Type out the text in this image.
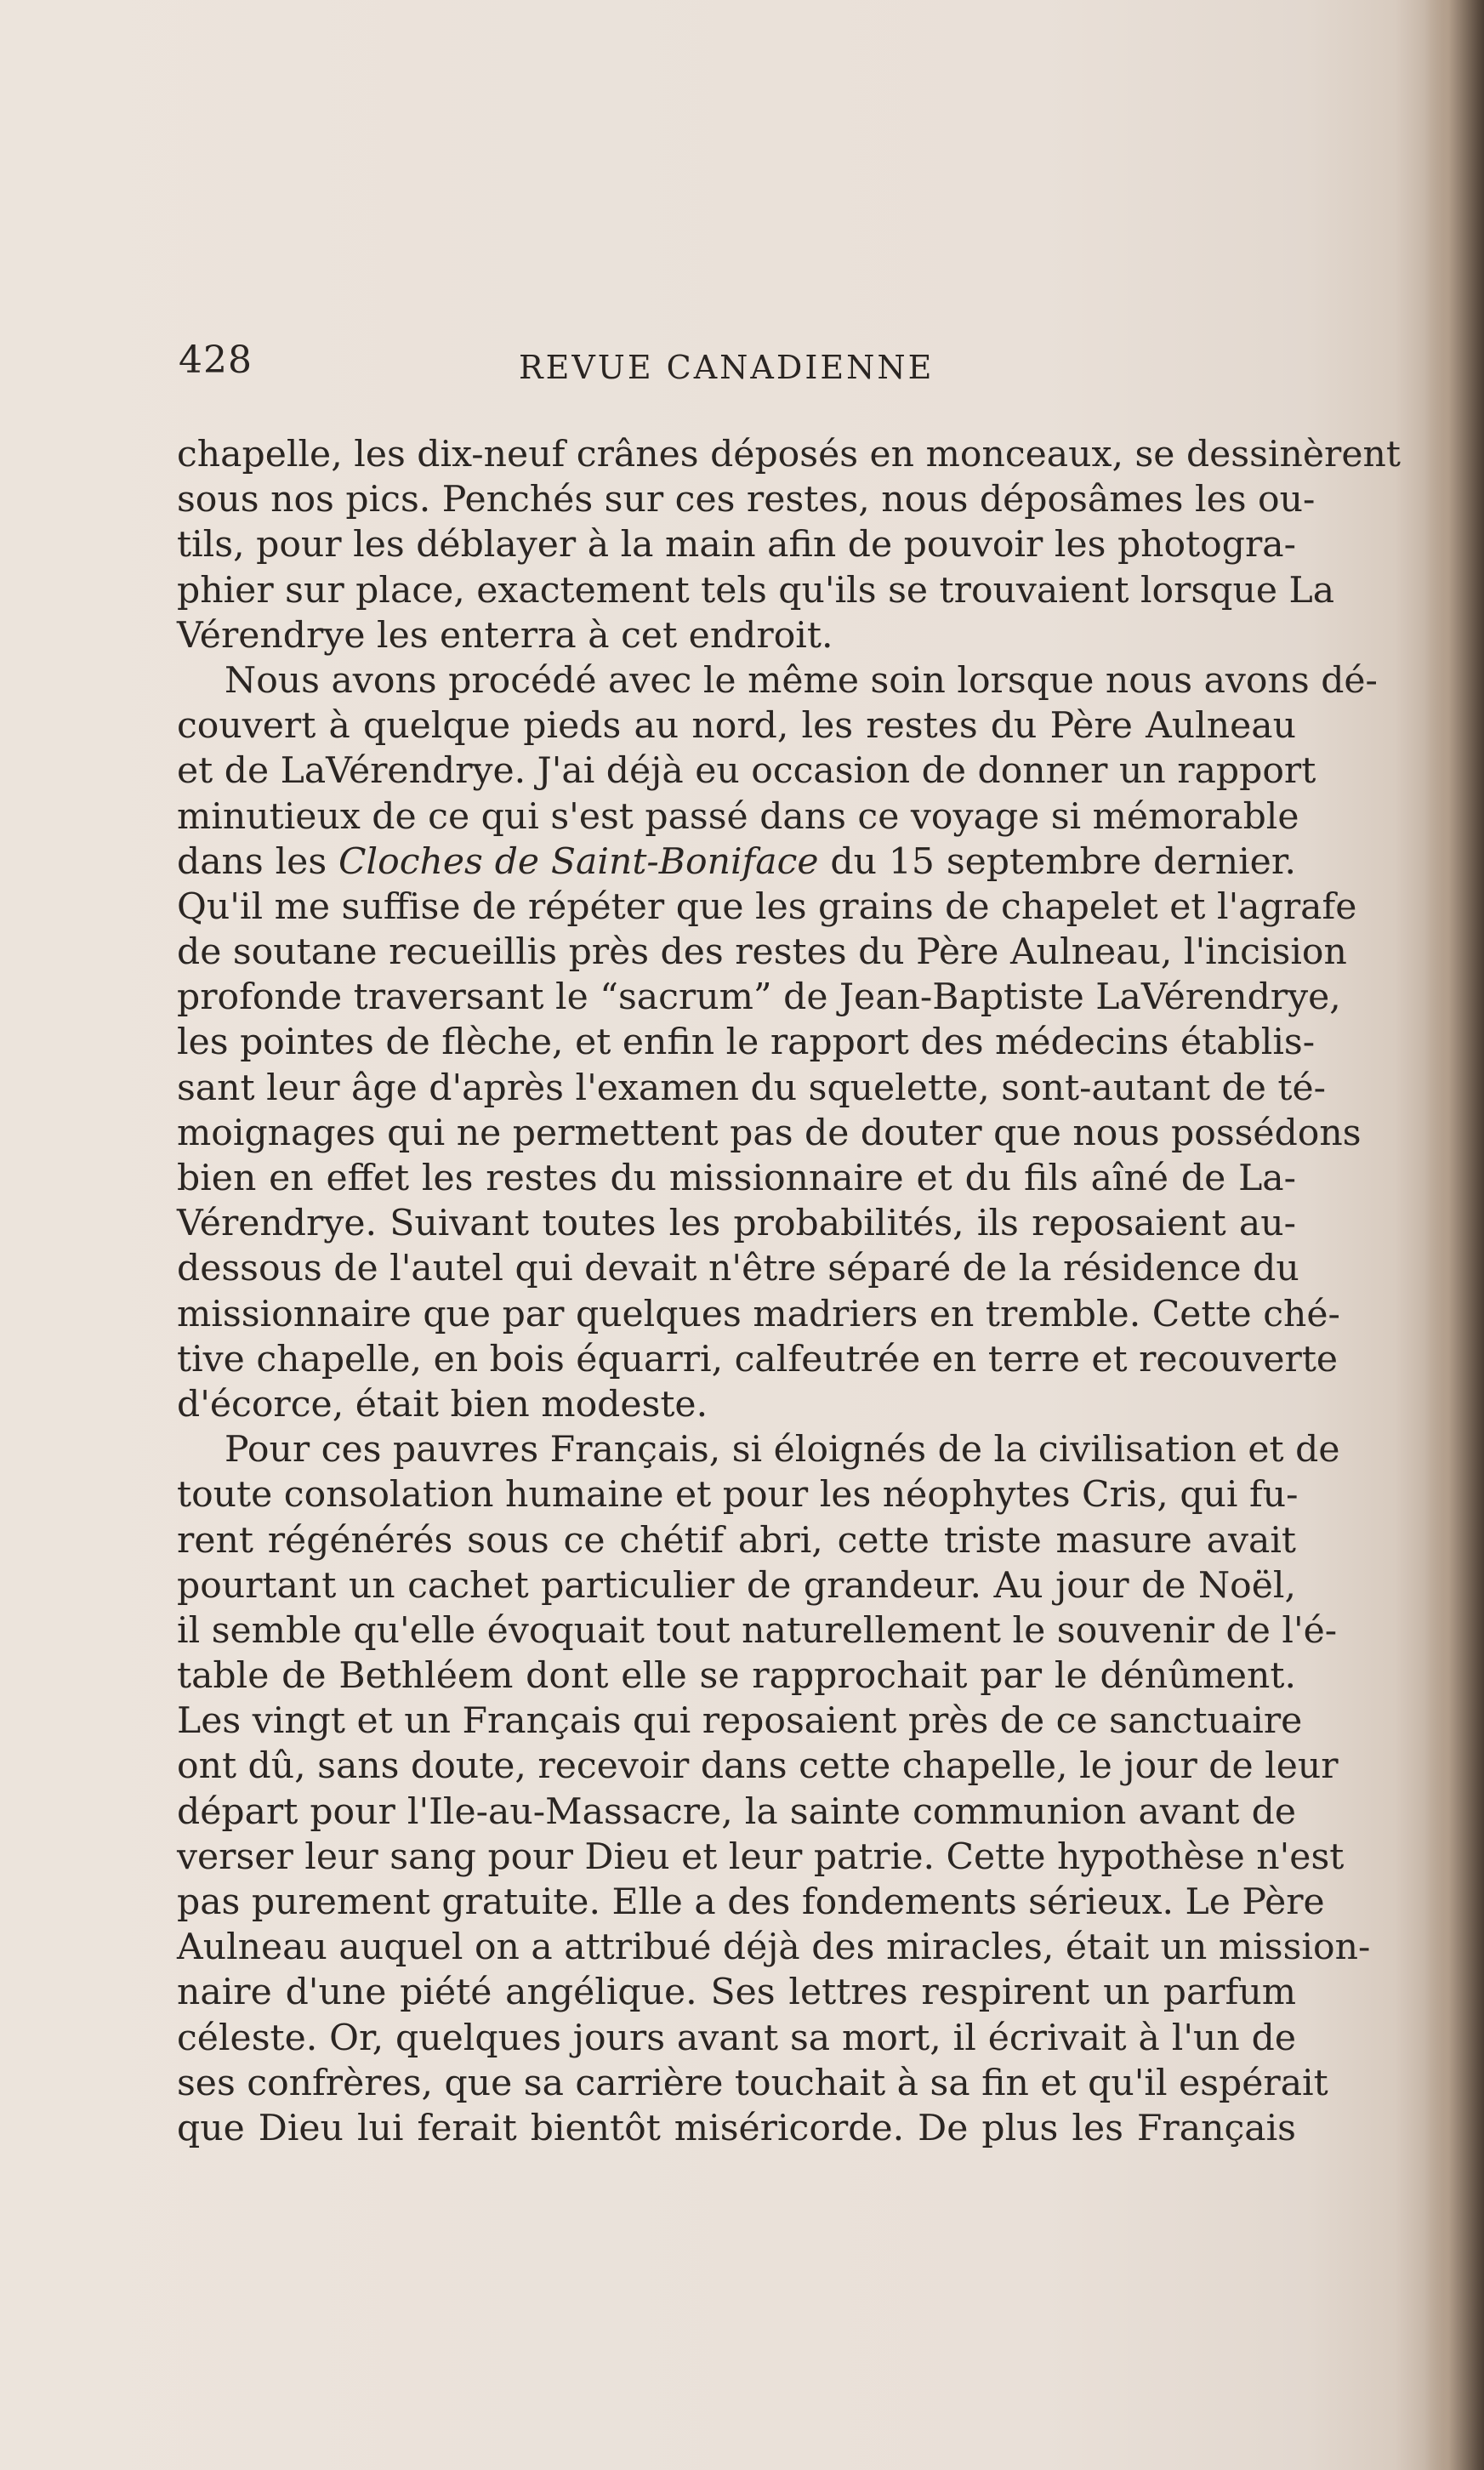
428	REVUE CANADIENNE
chapelle, les dix-neuf crânes déposés en monceaux, se dessinèrent
sous nos pics. Penchés sur ces restes, nous déposâmes les ou-
tils, pour les déblayer à la main afin de pouvoir les photogra-
phier sur place, exactement tels qu'ils se trouvaient lorsque La
Vérendrye les enterra à cet endroit.
Nous avons procédé avec le même soin lorsque nous avons dé-
couvert à quelque pieds au nord, les restes du Père Aulneau
et de LaVérendrye. J'ai déjà eu occasion de donner un rapport
minutieux de ce qui s'est passé dans ce voyage si mémorable
dans les Cloches de Saint-Boniface du 15 septembre dernier.
Qu'il me suffise de répéter que les grains de chapelet et l'agrafe
de soutane recueillis près des restes du Père Aulneau, l'incision
profonde traversant le “sacrum” de Jean-Baptiste LaVérendrye,
les pointes de flèche, et enfin le rapport des médecins établis-
sant leur âge d'après l'examen du squelette, sont-autant de té-
moignages qui ne permettent pas de douter que nous possédons
bien en effet les restes du missionnaire et du fils aîné de La-
Vérendrye. Suivant toutes les probabilités, ils reposaient au-
dessous de l'autel qui devait n'être séparé de la résidence du
missionnaire que par quelques madriers en tremble. Cette ché-
tive chapelle, en bois équarri, calfeutrée en terre et recouverte
d'écorce, était bien modeste.
Pour ces pauvres Français, si éloignés de la civilisation et de
toute consolation humaine et pour les néophytes Cris, qui fu-
rent régénérés sous ce chétif abri, cette triste masure avait
pourtant un cachet particulier de grandeur. Au jour de Noël,
il semble qu'elle évoquait tout naturellement le souvenir de l'é-
table de Bethléem dont elle se rapprochait par le dénûment.
Les vingt et un Français qui reposaient près de ce sanctuaire
ont dû, sans doute, recevoir dans cette chapelle, le jour de leur
départ pour l'Ile-au-Massacre, la sainte communion avant de
verser leur sang pour Dieu et leur patrie. Cette hypothèse n'est
pas purement gratuite. Elle a des fondements sérieux. Le Père
Aulneau auquel on a attribué déjà des miracles, était un mission-
naire d'une piété angélique. Ses lettres respirent un parfum
céleste. Or, quelques jours avant sa mort, il écrivait à l'un de
ses confrères, que sa carrière touchait à sa fin et qu'il espérait
que Dieu lui ferait bientôt miséricorde. De plus les Français
